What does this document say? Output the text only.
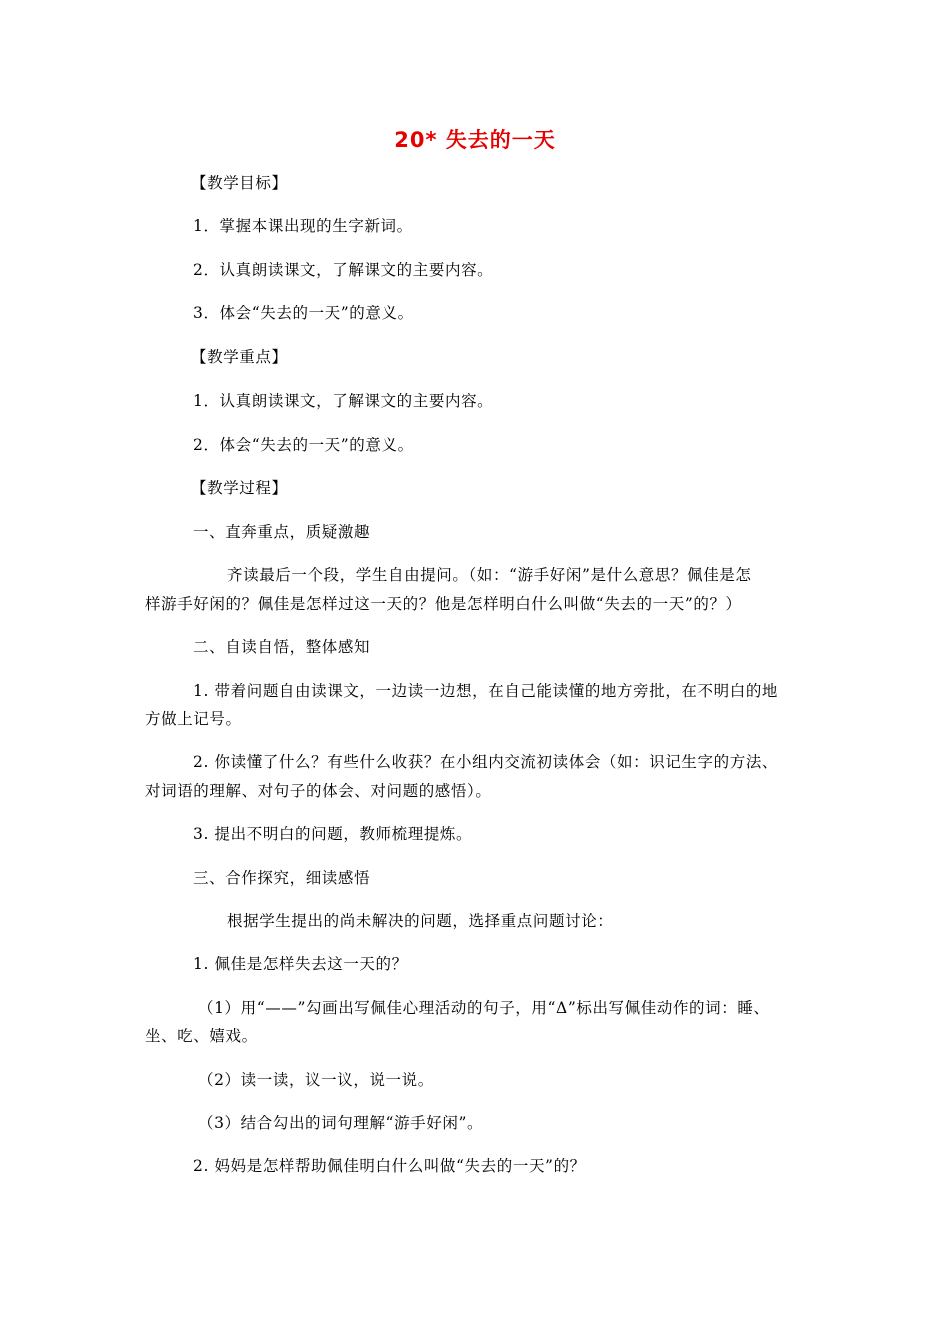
20* 失去的一天
【教学目标】
1．掌握本课出现的生字新词。
2．认真朗读课文，了解课文的主要内容。
3．体会“失去的一天”的意义。
【教学重点】
1．认真朗读课文，了解课文的主要内容。
2．体会“失去的一天”的意义。
【教学过程】
一、直奔重点，质疑激趣
齐读最后一个段，学生自由提问。（如：“游手好闲”是什么意思？佩佳是怎
样游手好闲的？佩佳是怎样过这一天的？他是怎样明白什么叫做“失去的一天”的？）
二、自读自悟，整体感知
1. 带着问题自由读课文，一边读一边想，在自己能读懂的地方旁批，在不明白的地
方做上记号。
2. 你读懂了什么？有些什么收获？在小组内交流初读体会（如：识记生字的方法、
对词语的理解、对句子的体会、对问题的感悟）。
3. 提出不明白的问题，教师梳理提炼。
三、合作探究，细读感悟
根据学生提出的尚未解决的问题，选择重点问题讨论：
1. 佩佳是怎样失去这一天的？
（1）用“——”勾画出写佩佳心理活动的句子，用“Δ”标出写佩佳动作的词：睡、
坐、吃、嬉戏。
（2）读一读，议一议，说一说。
（3）结合勾出的词句理解“游手好闲”。
2. 妈妈是怎样帮助佩佳明白什么叫做“失去的一天”的？
